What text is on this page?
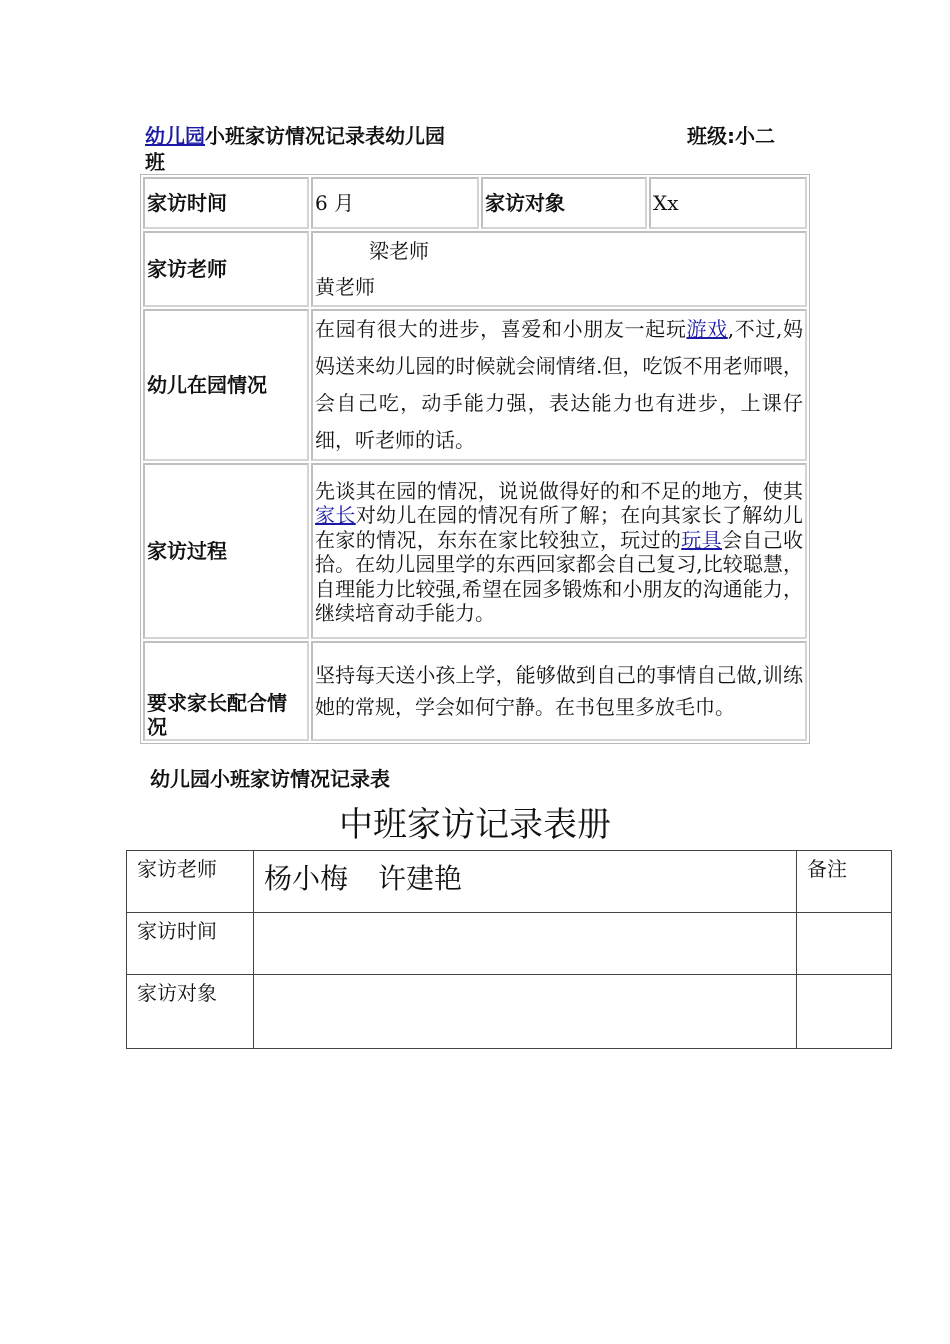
幼儿园小班家访情况记录表幼儿园	班级:小二
班
家访时间	6 月	家访对象	Xx
家访老师	梁老师
黄老师		

幼儿在园情况	在园有很大的进步，喜爱和小朋友一起玩游戏,不过,妈 妈送来幼儿园的时候就会闹情绪.但，吃饭不用老师喂，会自己吃，动手能力强，表达能力也有进步，上课仔细，听老师的话。		
家访过程	先谈其在园的情况，说说做得好的和不足的地方，使其家长对幼儿在园的情况有所了解；在向其家长了解幼儿在家的情况，东东在家比较独立，玩过的玩具会自己收拾。在幼儿园里学的东西回家都会自己复习,比较聪慧，自理能力比较强,希望在园多锻炼和小朋友的沟通能力，继续培育动手能力。		
要求家长配合情况	坚持每天送小孩上学，能够做到自己的事情自己做,训练她的常规，学会如何宁静。在书包里多放毛巾。		
幼儿园小班家访情况记录表
中班家访记录表册
家访老师	杨小梅 许建艳	备注
家访时间		
家访对象		
